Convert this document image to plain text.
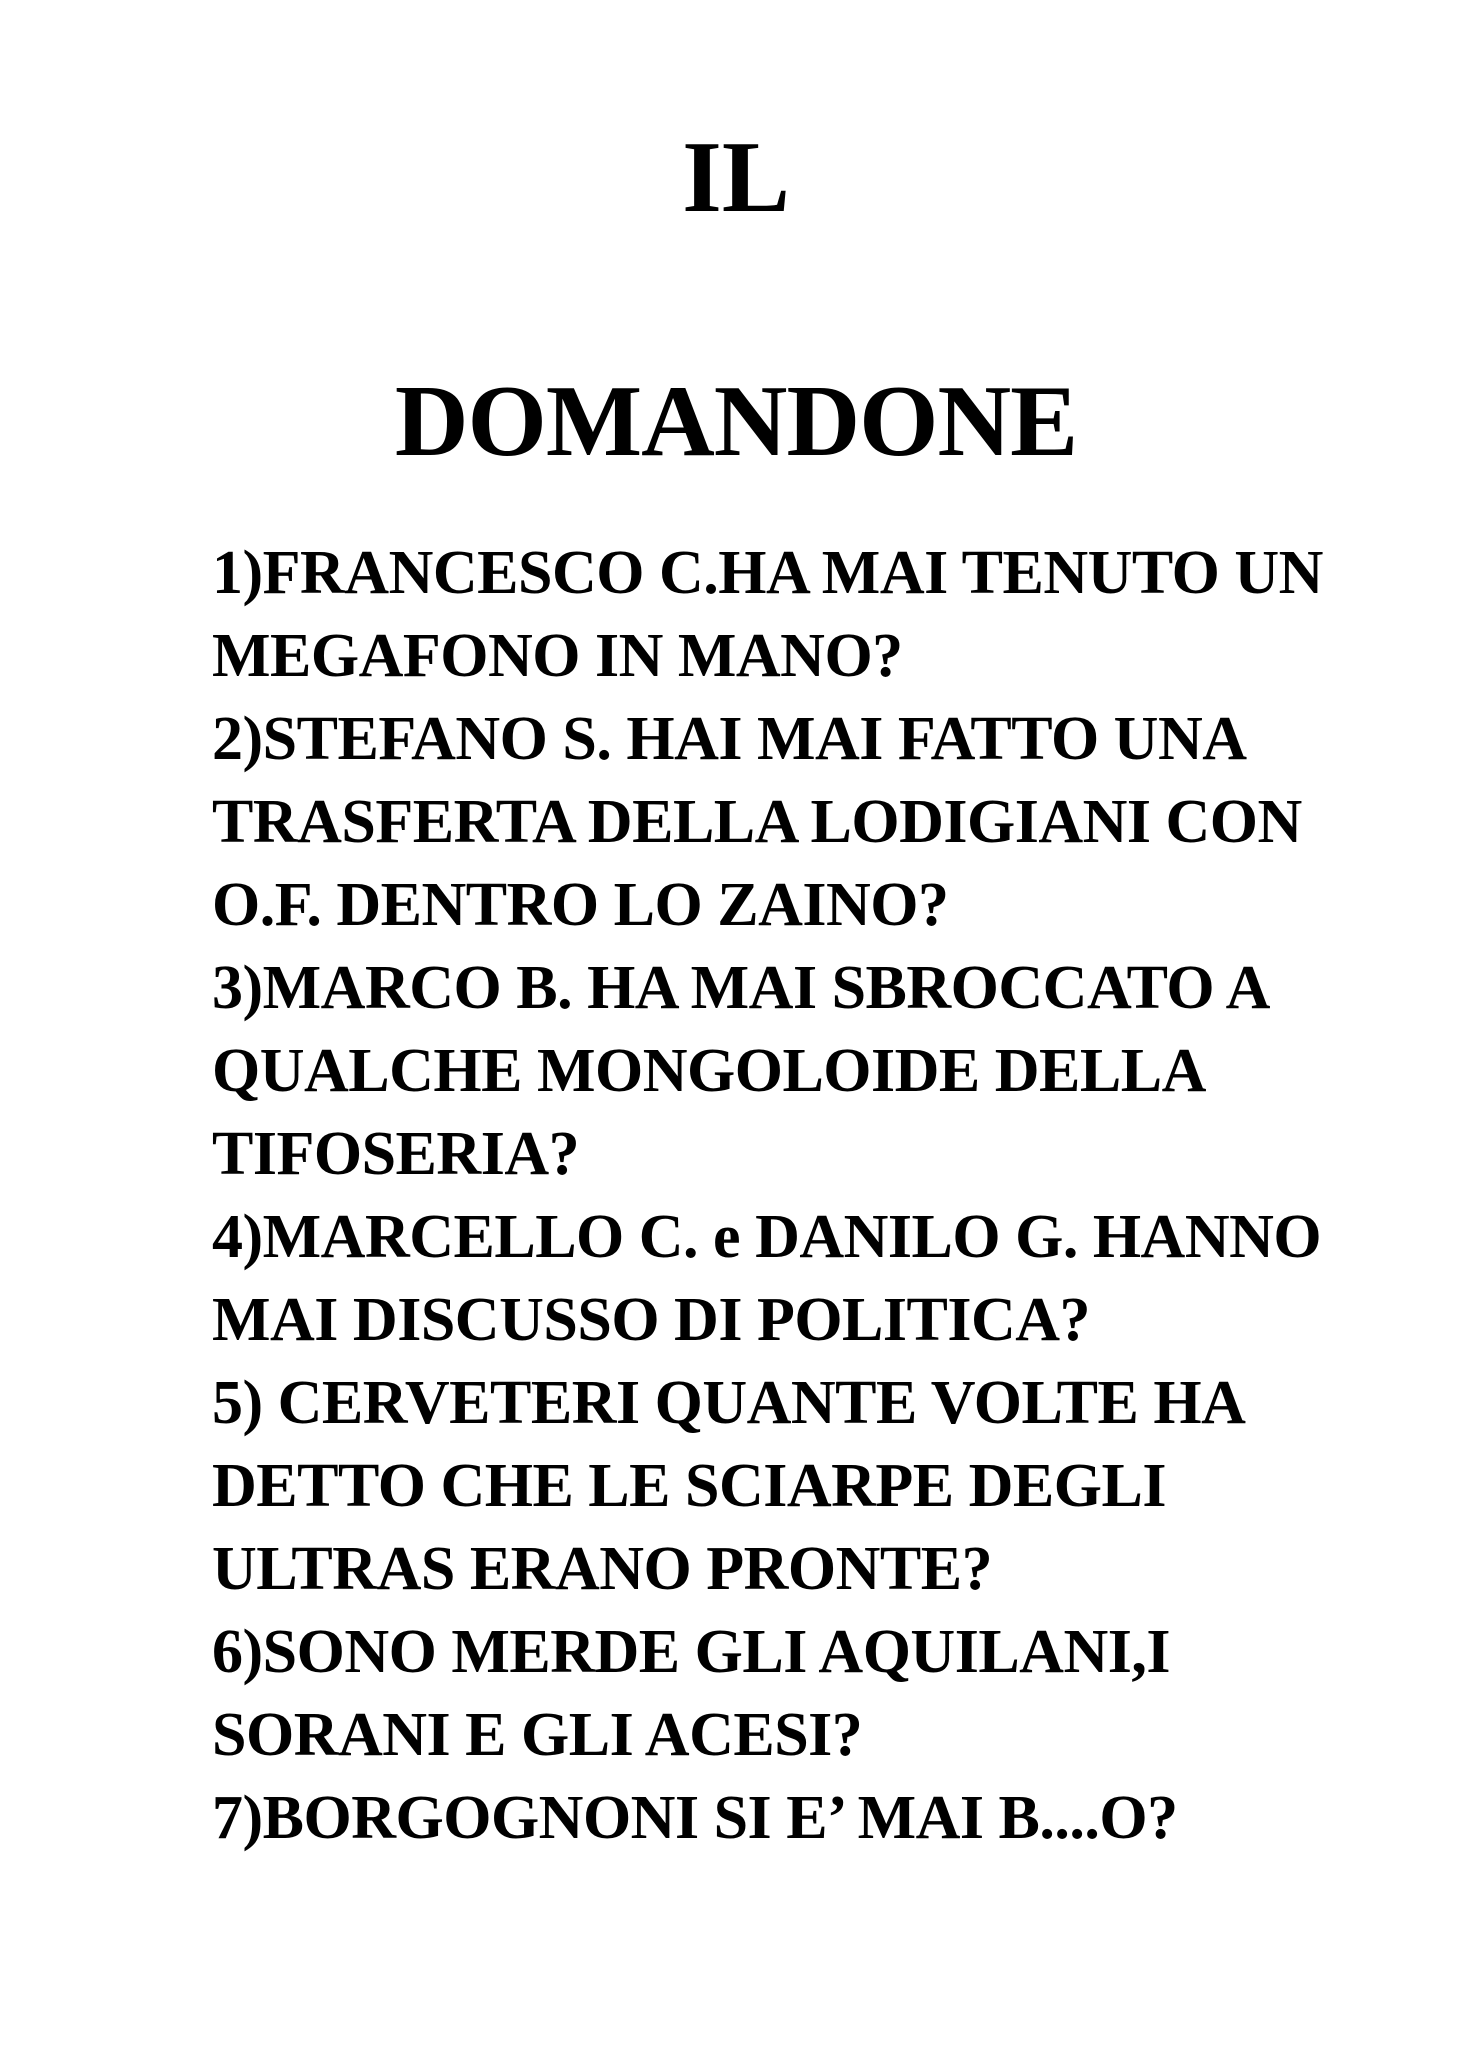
IL
DOMANDONE
1)FRANCESCO C.HA MAI TENUTO UN
MEGAFONO IN MANO?
2)STEFANO S. HAI MAI FATTO UNA
TRASFERTA DELLA LODIGIANI CON
O.F. DENTRO LO ZAINO?
3)MARCO B. HA MAI SBROCCATO A
QUALCHE MONGOLOIDE DELLA
TIFOSERIA?
4)MARCELLO C. e DANILO G. HANNO
MAI DISCUSSO DI POLITICA?
5) CERVETERI QUANTE VOLTE HA
DETTO CHE LE SCIARPE DEGLI
ULTRAS ERANO PRONTE?
6)SONO MERDE GLI AQUILANI,I
SORANI E GLI ACESI?
7)BORGOGNONI SI E’ MAI B....O?
